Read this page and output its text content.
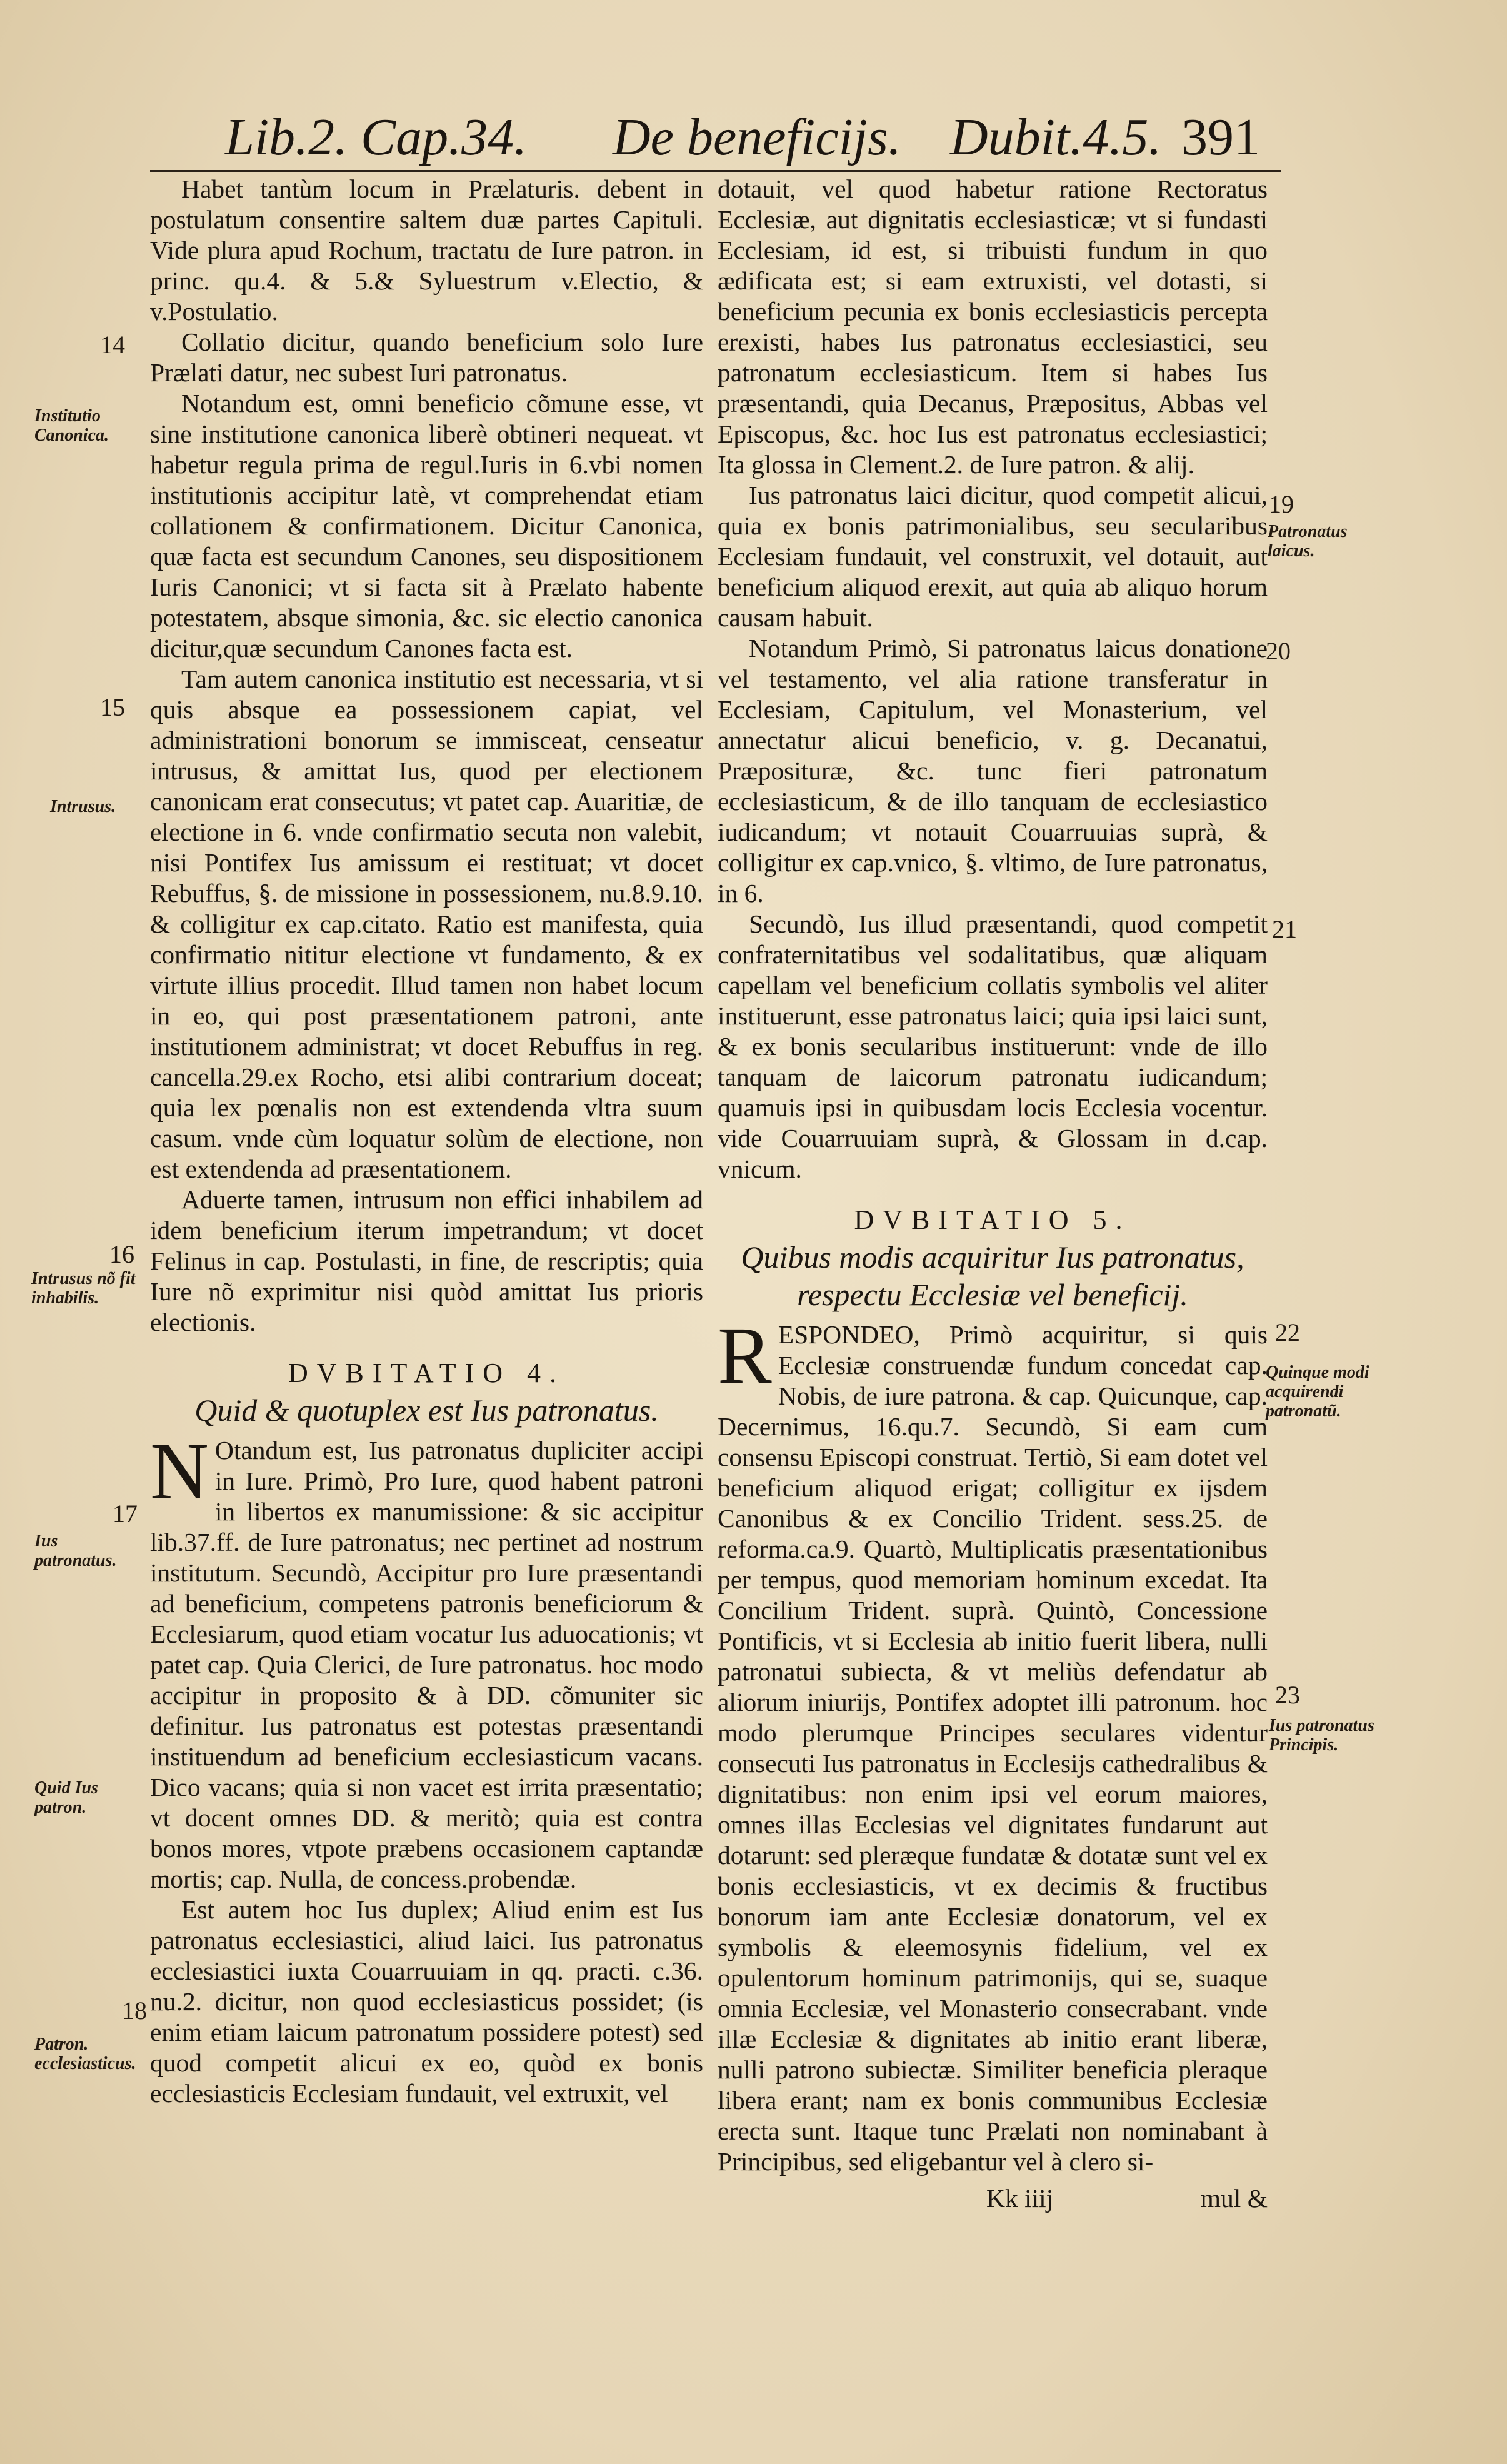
Lib.2. Cap.34. De beneficijs. Dubit.4.5. 391

Habet tantùm locum in Prælaturis. debent in postulatum consentire saltem duæ partes Capituli. Vide plura apud Rochum, tractatu de Iure patron. in princ. qu.4. & 5.& Syluestrum v.Electio, & v.Postulatio.

Collatio dicitur, quando beneficium solo Iure Prælati datur, nec subest Iuri patronatus.

Notandum est, omni beneficio cõmune esse, vt sine institutione canonica liberè obtineri nequeat. vt habetur regula prima de regul.Iuris in 6.vbi nomen institutionis accipitur latè, vt comprehendat etiam collationem & confirmationem. Dicitur Canonica, quæ facta est secundum Canones, seu dispositionem Iuris Canonici; vt si facta sit à Prælato habente potestatem, absque simonia, &c. sic electio canonica dicitur,quæ secundum Canones facta est.

Tam autem canonica institutio est necessaria, vt si quis absque ea possessionem capiat, vel administrationi bonorum se immisceat, censeatur intrusus, & amittat Ius, quod per electionem canonicam erat consecutus; vt patet cap. Auaritiæ, de electione in 6. vnde confirmatio secuta non valebit, nisi Pontifex Ius amissum ei restituat; vt docet Rebuffus, §. de missione in possessionem, nu.8.9.10. & colligitur ex cap.citato. Ratio est manifesta, quia confirmatio nititur electione vt fundamento, & ex virtute illius procedit. Illud tamen non habet locum in eo, qui post præsentationem patroni, ante institutionem administrat; vt docet Rebuffus in reg. cancella.29.ex Rocho, etsi alibi contrarium doceat; quia lex pœnalis non est extendenda vltra suum casum. vnde cùm loquatur solùm de electione, non est extendenda ad præsentationem.

Aduerte tamen, intrusum non effici inhabilem ad idem beneficium iterum impetrandum; vt docet Felinus in cap. Postulasti, in fine, de rescriptis; quia Iure nõ exprimitur nisi quòd amittat Ius prioris electionis.

DVBITATIO 4.

Quid & quotuplex est Ius patronatus.

N Otandum est, Ius patronatus dupliciter accipi in Iure. Primò, Pro Iure, quod habent patroni in libertos ex manumissione: & sic accipitur lib.37.ff. de Iure patronatus; nec pertinet ad nostrum institutum. Secundò, Accipitur pro Iure præsentandi ad beneficium, competens patronis beneficiorum & Ecclesiarum, quod etiam vocatur Ius aduocationis; vt patet cap. Quia Clerici, de Iure patronatus. hoc modo accipitur in proposito & à DD. cõmuniter sic definitur. Ius patronatus est potestas præsentandi instituendum ad beneficium ecclesiasticum vacans. Dico vacans; quia si non vacet est irrita præsentatio; vt docent omnes DD. & meritò; quia est contra bonos mores, vtpote præbens occasionem captandæ mortis; cap. Nulla, de concess.probendæ.

Est autem hoc Ius duplex; Aliud enim est Ius patronatus ecclesiastici, aliud laici. Ius patronatus ecclesiastici iuxta Couarruuiam in qq. practi. c.36. nu.2. dicitur, non quod ecclesiasticus possidet; (is enim etiam laicum patronatum possidere potest) sed quod competit alicui ex eo, quòd ex bonis ecclesiasticis Ecclesiam fundauit, vel extruxit, vel

dotauit, vel quod habetur ratione Rectoratus Ecclesiæ, aut dignitatis ecclesiasticæ; vt si fundasti Ecclesiam, id est, si tribuisti fundum in quo ædificata est; si eam extruxisti, vel dotasti, si beneficium pecunia ex bonis ecclesiasticis percepta erexisti, habes Ius patronatus ecclesiastici, seu patronatum ecclesiasticum. Item si habes Ius præsentandi, quia Decanus, Præpositus, Abbas vel Episcopus, &c. hoc Ius est patronatus ecclesiastici; Ita glossa in Clement.2. de Iure patron. & alij.

Ius patronatus laici dicitur, quod competit alicui, quia ex bonis patrimonialibus, seu secularibus Ecclesiam fundauit, vel construxit, vel dotauit, aut beneficium aliquod erexit, aut quia ab aliquo horum causam habuit.

Notandum Primò, Si patronatus laicus donatione vel testamento, vel alia ratione transferatur in Ecclesiam, Capitulum, vel Monasterium, vel annectatur alicui beneficio, v. g. Decanatui, Præposituræ, &c. tunc fieri patronatum ecclesiasticum, & de illo tanquam de ecclesiastico iudicandum; vt notauit Couarruuias suprà, & colligitur ex cap.vnico, §. vltimo, de Iure patronatus, in 6.

Secundò, Ius illud præsentandi, quod competit confraternitatibus vel sodalitatibus, quæ aliquam capellam vel beneficium collatis symbolis vel aliter instituerunt, esse patronatus laici; quia ipsi laici sunt, & ex bonis secularibus instituerunt: vnde de illo tanquam de laicorum patronatu iudicandum; quamuis ipsi in quibusdam locis Ecclesia vocentur. vide Couarruuiam suprà, & Glossam in d.cap. vnicum.

DVBITATIO 5.

Quibus modis acquiritur Ius patronatus,
respectu Ecclesiæ vel beneficij.

RESPONDEO, Primò acquiritur, si quis Ecclesiæ construendæ fundum concedat cap. Nobis, de iure patrona. & cap. Quicunque, cap. Decernimus, 16.qu.7. Secundò, Si eam cum consensu Episcopi construat. Tertiò, Si eam dotet vel beneficium aliquod erigat; colligitur ex ijsdem Canonibus & ex Concilio Trident. sess.25. de reforma.ca.9. Quartò, Multiplicatis præsentationibus per tempus, quod memoriam hominum excedat. Ita Concilium Trident. suprà. Quintò, Concessione Pontificis, vt si Ecclesia ab initio fuerit libera, nulli patronatui subiecta, & vt meliùs defendatur ab aliorum iniurijs, Pontifex adoptet illi patronum. hoc modo plerumque Principes seculares videntur consecuti Ius patronatus in Ecclesijs cathedralibus & dignitatibus: non enim ipsi vel eorum maiores, omnes illas Ecclesias vel dignitates fundarunt aut dotarunt: sed pleræque fundatæ & dotatæ sunt vel ex bonis ecclesiasticis, vt ex decimis & fructibus bonorum iam ante Ecclesiæ donatorum, vel ex symbolis & eleemosynis fidelium, vel ex opulentorum hominum patrimonijs, qui se, suaque omnia Ecclesiæ, vel Monasterio consecrabant. vnde illæ Ecclesiæ & dignitates ab initio erant liberæ, nulli patrono subiectæ. Similiter beneficia pleraque libera erant; nam ex bonis communibus Ecclesiæ erecta sunt. Itaque tunc Prælati non nominabant à Principibus, sed eligebantur vel à clero si-

Kk iiij	mul &
14
Institutio Canonica.
15
Intrusus.
16
Intrusus nõ fit inhabilis.
17
Ius patronatus.
Quid Ius patron.
18
Patron. ecclesiasticus.
19
Patronatus laicus.
20
21
22
Quinque modi acquirendi patronatũ.
23
Ius patronatus Principis.
